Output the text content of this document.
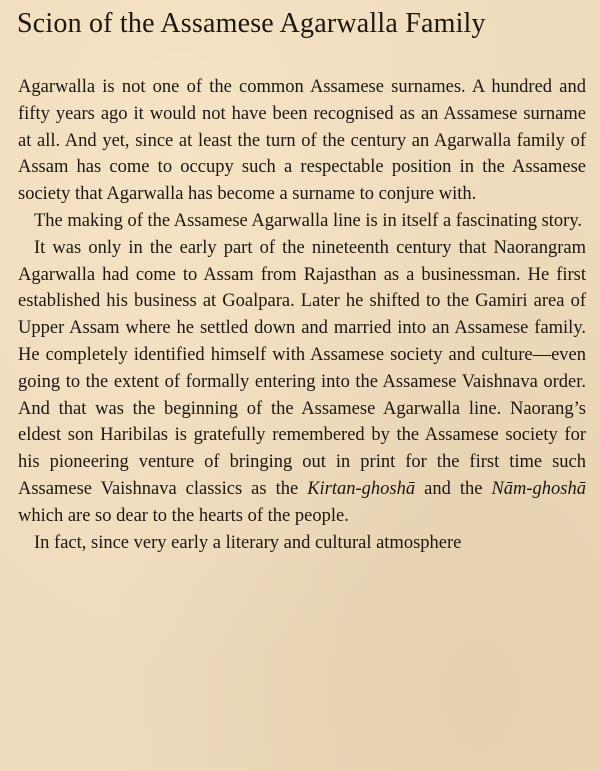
Scion of the Assamese Agarwalla Family

Agarwalla is not one of the common Assamese surnames. A hundred and fifty years ago it would not have been recognised as an Assamese surname at all. And yet, since at least the turn of the century an Agarwalla family of Assam has come to occupy such a respectable position in the Assamese society that Agarwalla has become a surname to conjure with.

The making of the Assamese Agarwalla line is in itself a fascinating story.

It was only in the early part of the nineteenth century that Naorangram Agarwalla had come to Assam from Rajasthan as a businessman. He first established his business at Goalpara. Later he shifted to the Gamiri area of Upper Assam where he settled down and married into an Assamese family. He completely identified himself with Assamese society and culture—even going to the extent of formally entering into the Assamese Vaishnava order. And that was the beginning of the Assamese Agarwalla line. Naorang’s eldest son Haribilas is gratefully remembered by the Assamese society for his pioneering venture of bringing out in print for the first time such Assamese Vaishnava classics as the Kirtan-ghoshā and the Nām-ghoshā which are so dear to the hearts of the people.

In fact, since very early a literary and cultural atmosphere
